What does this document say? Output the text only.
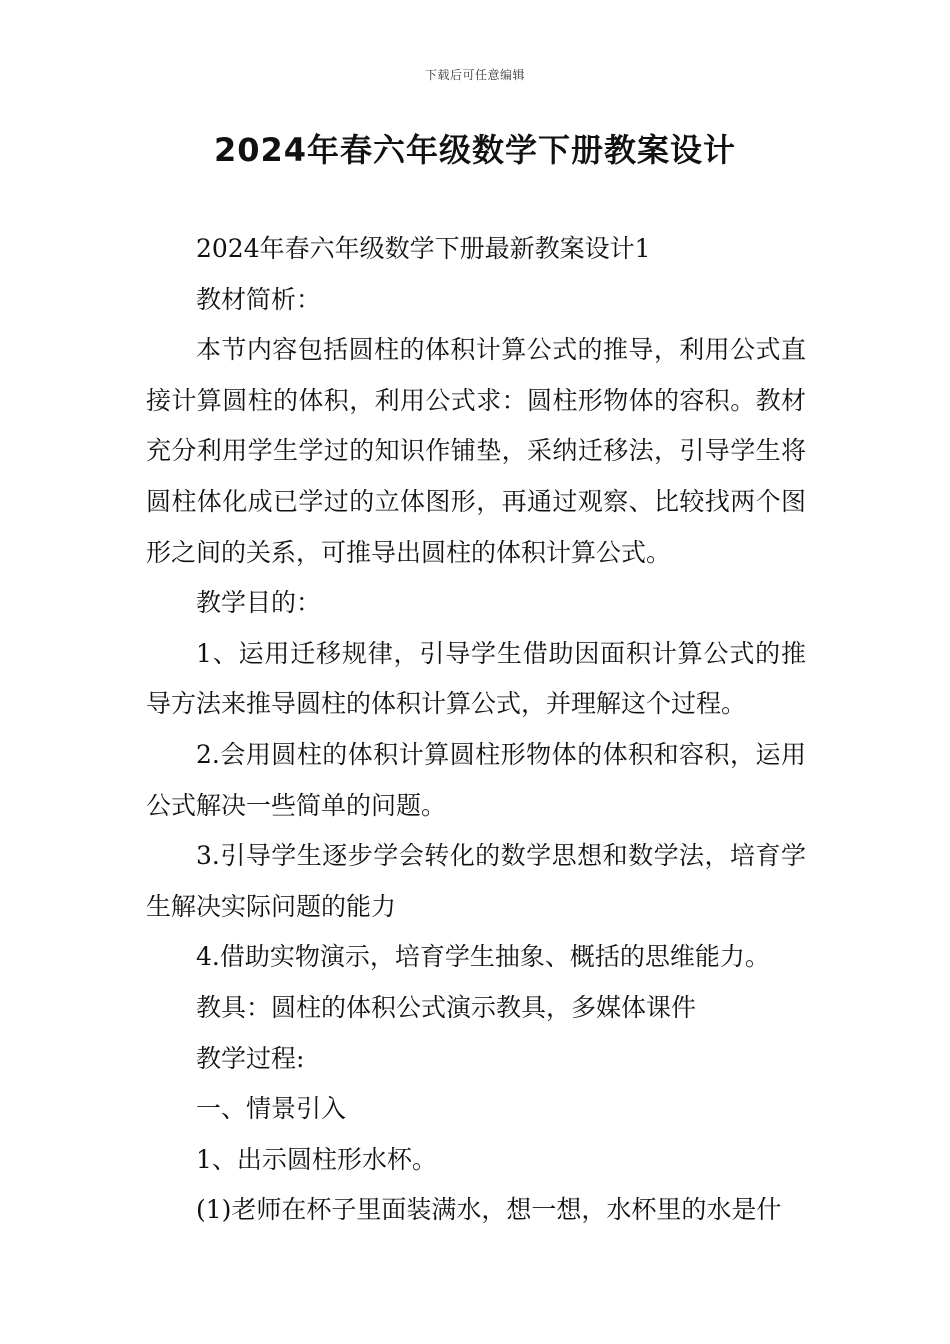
下载后可任意编辑
2024年春六年级数学下册教案设计

2024年春六年级数学下册最新教案设计1

教材简析：

本节内容包括圆柱的体积计算公式的推导，利用公式直接计算圆柱的体积，利用公式求：圆柱形物体的容积。教材充分利用学生学过的知识作铺垫，采纳迁移法，引导学生将圆柱体化成已学过的立体图形，再通过观察、比较找两个图形之间的关系，可推导出圆柱的体积计算公式。

教学目的：

1、运用迁移规律，引导学生借助因面积计算公式的推导方法来推导圆柱的体积计算公式，并理解这个过程。

2.会用圆柱的体积计算圆柱形物体的体积和容积，运用公式解决一些简单的问题。

3.引导学生逐步学会转化的数学思想和数学法，培育学生解决实际问题的能力

4.借助实物演示，培育学生抽象、概括的思维能力。

教具：圆柱的体积公式演示教具，多媒体课件

教学过程:

一、情景引入

1、出示圆柱形水杯。

(1)老师在杯子里面装满水，想一想，水杯里的水是什
